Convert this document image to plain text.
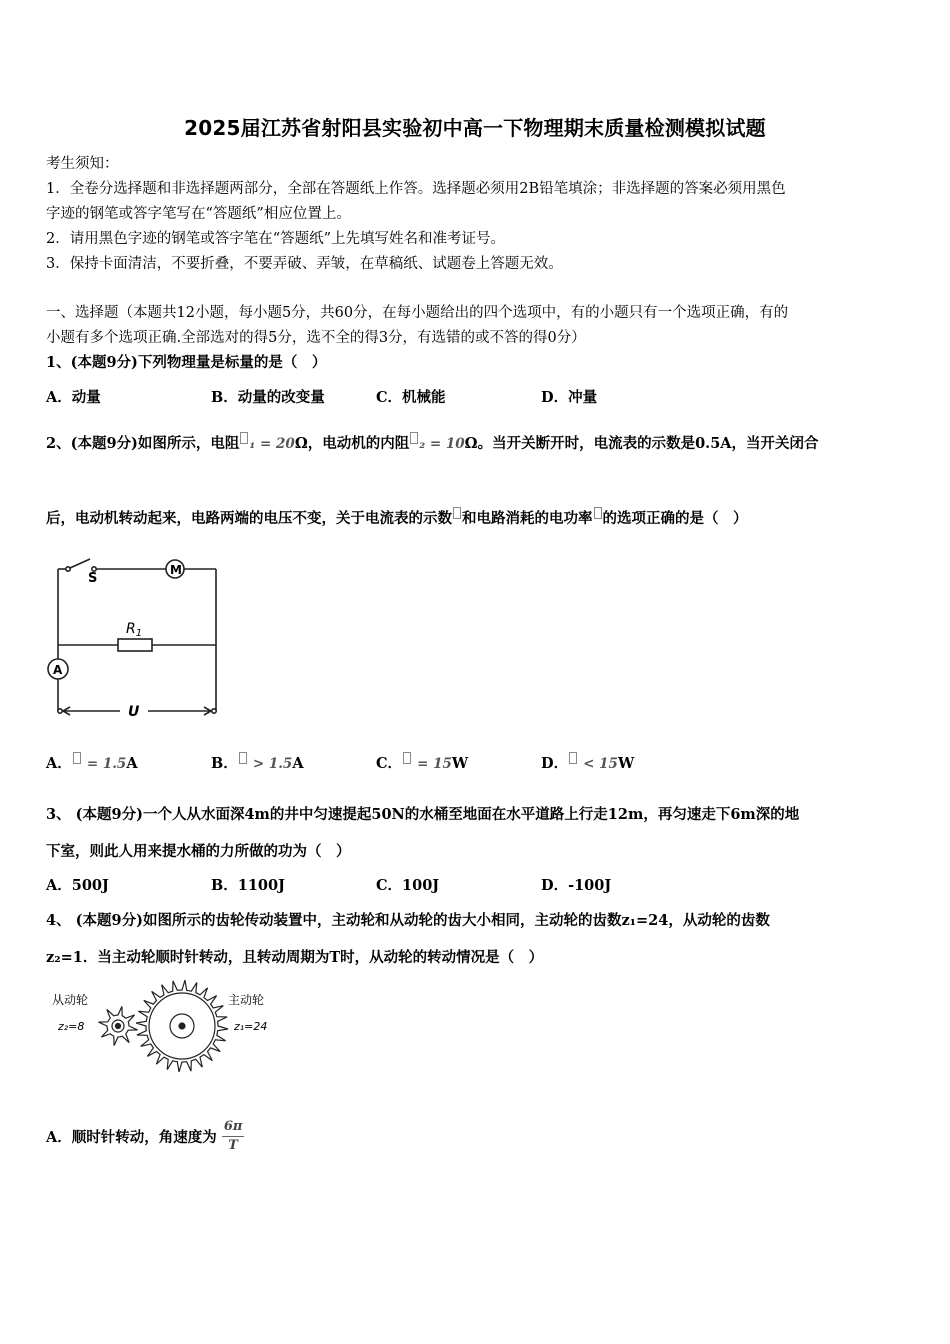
2025届江苏省射阳县实验初中高一下物理期末质量检测模拟试题
考生须知：
1．全卷分选择题和非选择题两部分，全部在答题纸上作答。选择题必须用2B铅笔填涂；非选择题的答案必须用黑色
字迹的钢笔或答字笔写在“答题纸”相应位置上。
2．请用黑色字迹的钢笔或答字笔在“答题纸”上先填写姓名和准考证号。
3．保持卡面清洁，不要折叠，不要弄破、弄皱，在草稿纸、试题卷上答题无效。
一、选择题（本题共12小题，每小题5分，共60分，在每小题给出的四个选项中，有的小题只有一个选项正确，有的
小题有多个选项正确.全部选对的得5分，选不全的得3分，有选错的或不答的得0分）
1、(本题9分)下列物理量是标量的是（　）
A．动量	B．动量的改变量	C．机械能	D．冲量
2、(本题9分)如图所示，电阻 ₁ = 20Ω，电动机的内阻 ₂ = 10Ω。当开关断开时，电流表的示数是0.5A，当开关闭合
后，电动机转动起来，电路两端的电压不变，关于电流表的示数 和电路消耗的电功率 的选项正确的是（　）
S
M
$R_1$
A
U
A． = 1.5A	B． > 1.5A	C． = 15W	D． < 15W
3、 (本题9分)一个人从水面深4m的井中匀速提起50N的水桶至地面在水平道路上行走12m，再匀速走下6m深的地
下室，则此人用来提水桶的力所做的功为（　）
A．500J	B．1100J	C．100J	D．-100J
4、 (本题9分)如图所示的齿轮传动装置中，主动轮和从动轮的齿大小相同，主动轮的齿数z₁=24，从动轮的齿数
z₂=1．当主动轮顺时针转动，且转动周期为T时，从动轮的转动情况是（　）
从动轮
z₂=8
主动轮
z₁=24
A．顺时针转动，角速度为 $\frac{6\pi}{T}$
